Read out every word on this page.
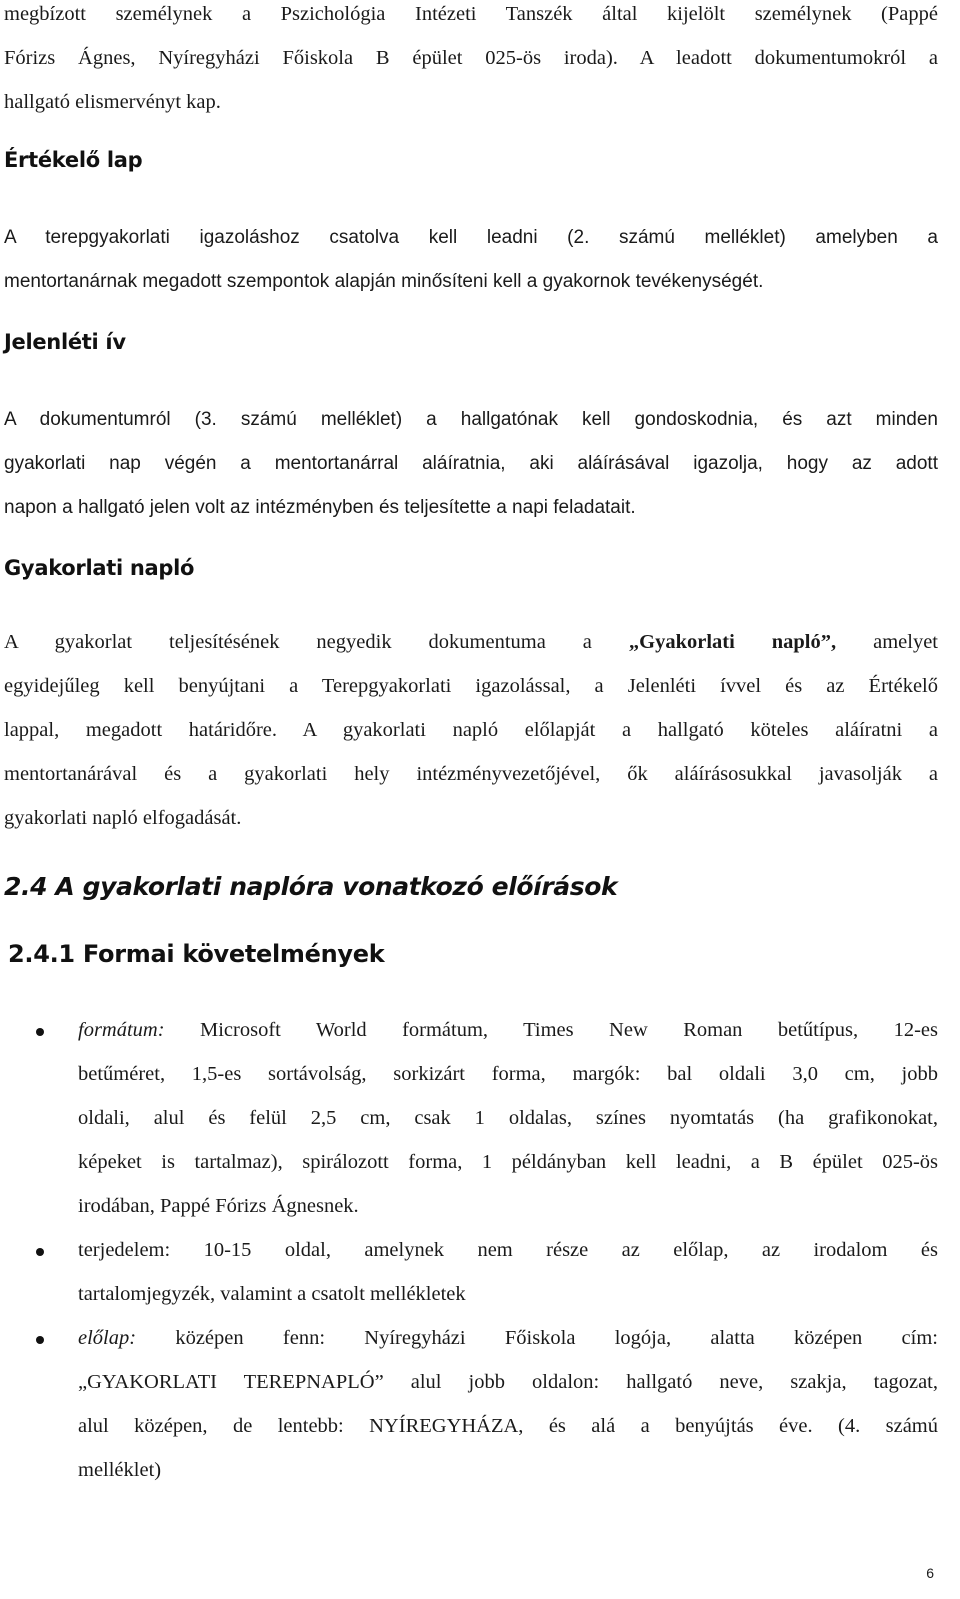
megbízott személynek a Pszichológia Intézeti Tanszék által kijelölt személynek (Pappé
Fórizs Ágnes, Nyíregyházi Főiskola B épület 025-ös iroda). A leadott dokumentumokról a
hallgató elismervényt kap.
Értékelő lap
A terepgyakorlati igazoláshoz csatolva kell leadni (2. számú melléklet) amelyben a
mentortanárnak megadott szempontok alapján minősíteni kell a gyakornok tevékenységét.
Jelenléti ív
A dokumentumról (3. számú melléklet) a hallgatónak kell gondoskodnia, és azt minden
gyakorlati nap végén a mentortanárral aláíratnia, aki aláírásával igazolja, hogy az adott
napon a hallgató jelen volt az intézményben és teljesítette a napi feladatait.
Gyakorlati napló
A gyakorlat teljesítésének negyedik dokumentuma a „Gyakorlati napló”, amelyet
egyidejűleg kell benyújtani a Terepgyakorlati igazolással, a Jelenléti ívvel és az Értékelő
lappal, megadott határidőre. A gyakorlati napló előlapját a hallgató köteles aláíratni a
mentortanárával és a gyakorlati hely intézményvezetőjével, ők aláírásosukkal javasolják a
gyakorlati napló elfogadását.
2.4 A gyakorlati naplóra vonatkozó előírások
2.4.1 Formai követelmények
formátum: Microsoft World formátum, Times New Roman betűtípus, 12-es
betűméret, 1,5-es sortávolság, sorkizárt forma, margók: bal oldali 3,0 cm, jobb
oldali, alul és felül 2,5 cm, csak 1 oldalas, színes nyomtatás (ha grafikonokat,
képeket is tartalmaz), spirálozott forma, 1 példányban kell leadni, a B épület 025-ös
irodában, Pappé Fórizs Ágnesnek.
terjedelem: 10-15 oldal, amelynek nem része az előlap, az irodalom és
tartalomjegyzék, valamint a csatolt mellékletek
előlap: középen fenn: Nyíregyházi Főiskola logója, alatta középen cím:
„GYAKORLATI TEREPNAPLÓ” alul jobb oldalon: hallgató neve, szakja, tagozat,
alul középen, de lentebb: NYÍREGYHÁZA, és alá a benyújtás éve. (4. számú
melléklet)
6
